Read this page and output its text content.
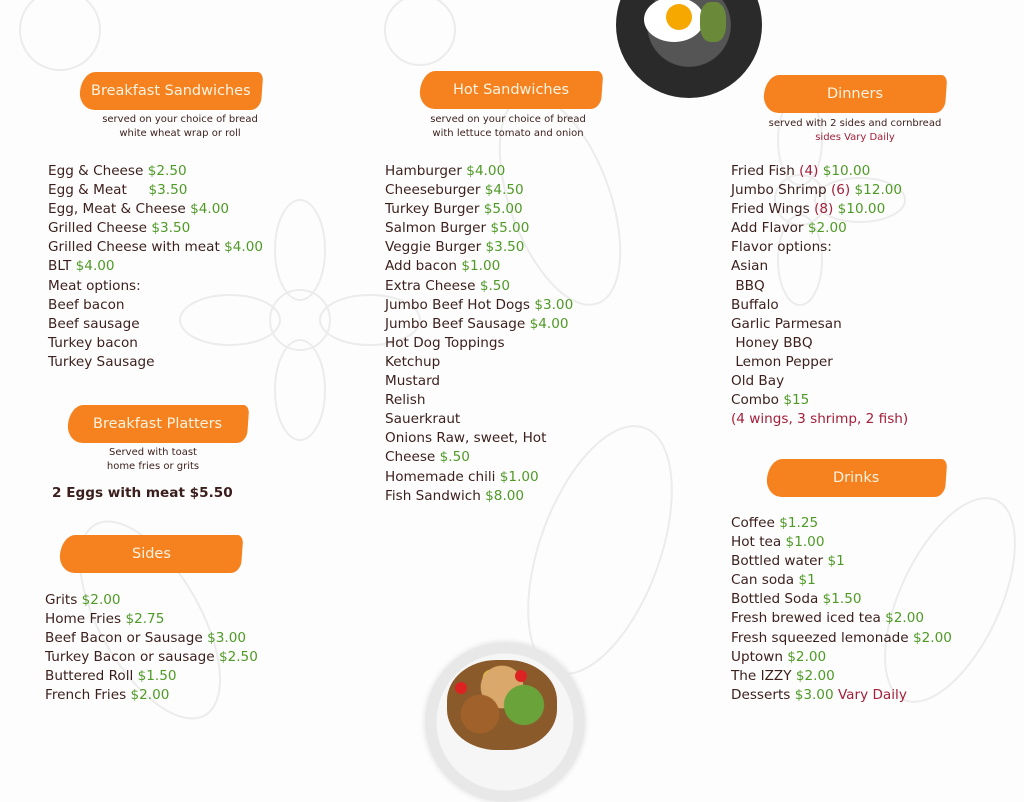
Breakfast Sandwiches
served on your choice of bread
white wheat wrap or roll
Egg & Cheese $2.50
Egg & Meat     $3.50
Egg, Meat & Cheese $4.00
Grilled Cheese $3.50
Grilled Cheese with meat $4.00
BLT $4.00
Meat options:
Beef bacon
Beef sausage
Turkey bacon
Turkey Sausage
Breakfast Platters
Served with toast
home fries or grits
2 Eggs with meat $5.50
Sides
Grits $2.00
Home Fries $2.75
Beef Bacon or Sausage $3.00
Turkey Bacon or sausage $2.50
Buttered Roll $1.50
French Fries $2.00
Hot Sandwiches
served on your choice of bread
with lettuce tomato and onion
Hamburger $4.00
Cheeseburger $4.50
Turkey Burger $5.00
Salmon Burger $5.00
Veggie Burger $3.50
Add bacon $1.00
Extra Cheese $.50
Jumbo Beef Hot Dogs $3.00
Jumbo Beef Sausage $4.00
Hot Dog Toppings
Ketchup
Mustard
Relish
Sauerkraut
Onions Raw, sweet, Hot
Cheese $.50
Homemade chili $1.00
Fish Sandwich $8.00
Dinners
served with 2 sides and cornbread
sides Vary Daily
Fried Fish (4) $10.00
Jumbo Shrimp (6) $12.00
Fried Wings (8) $10.00
Add Flavor $2.00
Flavor options:
Asian
BBQ
Buffalo
Garlic Parmesan
Honey BBQ
Lemon Pepper
Old Bay
Combo $15
(4 wings, 3 shrimp, 2 fish)
Drinks
Coffee $1.25
Hot tea $1.00
Bottled water $1
Can soda $1
Bottled Soda $1.50
Fresh brewed iced tea $2.00
Fresh squeezed lemonade $2.00
Uptown $2.00
The IZZY $2.00
Desserts $3.00 Vary Daily
